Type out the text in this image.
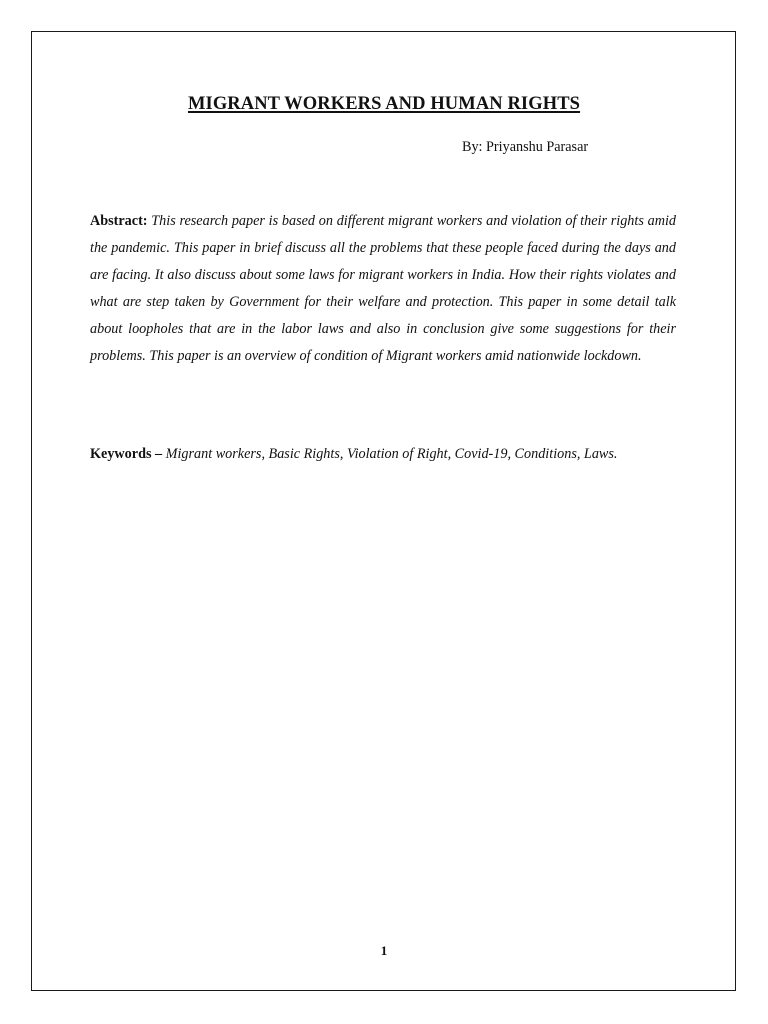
MIGRANT WORKERS AND HUMAN RIGHTS
By: Priyanshu Parasar
Abstract: This research paper is based on different migrant workers and violation of their rights amid the pandemic. This paper in brief discuss all the problems that these people faced during the days and are facing. It also discuss about some laws for migrant workers in India. How their rights violates and what are step taken by Government for their welfare and protection. This paper in some detail talk about loopholes that are in the labor laws and also in conclusion give some suggestions for their problems. This paper is an overview of condition of Migrant workers amid nationwide lockdown.
Keywords – Migrant workers, Basic Rights, Violation of Right, Covid-19, Conditions, Laws.
1
